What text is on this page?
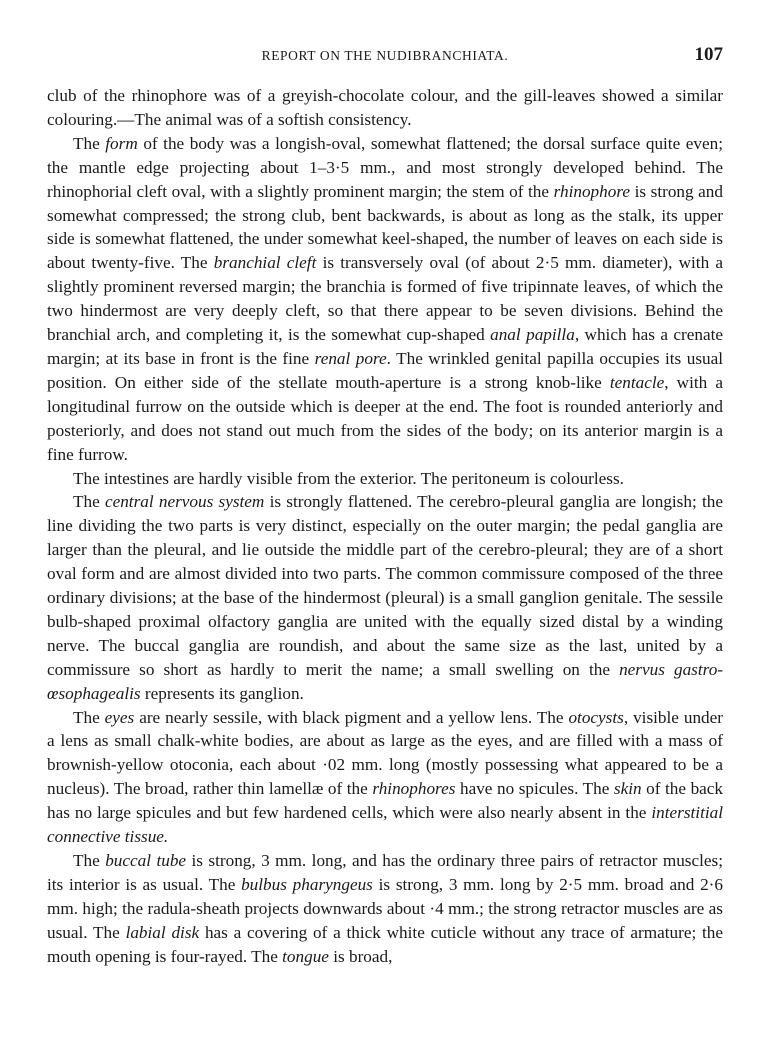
REPORT ON THE NUDIBRANCHIATA.	107

club of the rhinophore was of a greyish-chocolate colour, and the gill-leaves showed a similar colouring.—The animal was of a softish consistency.

The form of the body was a longish-oval, somewhat flattened; the dorsal surface quite even; the mantle edge projecting about 1–3·5 mm., and most strongly developed behind. The rhinophorial cleft oval, with a slightly prominent margin; the stem of the rhinophore is strong and somewhat compressed; the strong club, bent backwards, is about as long as the stalk, its upper side is somewhat flattened, the under somewhat keel-shaped, the number of leaves on each side is about twenty-five. The branchial cleft is transversely oval (of about 2·5 mm. diameter), with a slightly prominent reversed margin; the branchia is formed of five tripinnate leaves, of which the two hindermost are very deeply cleft, so that there appear to be seven divisions. Behind the branchial arch, and completing it, is the somewhat cup-shaped anal papilla, which has a crenate margin; at its base in front is the fine renal pore. The wrinkled genital papilla occupies its usual position. On either side of the stellate mouth-aperture is a strong knob-like tentacle, with a longitudinal furrow on the outside which is deeper at the end. The foot is rounded anteriorly and posteriorly, and does not stand out much from the sides of the body; on its anterior margin is a fine furrow.

The intestines are hardly visible from the exterior. The peritoneum is colourless.

The central nervous system is strongly flattened. The cerebro-pleural ganglia are longish; the line dividing the two parts is very distinct, especially on the outer margin; the pedal ganglia are larger than the pleural, and lie outside the middle part of the cerebro-pleural; they are of a short oval form and are almost divided into two parts. The common commissure composed of the three ordinary divisions; at the base of the hindermost (pleural) is a small ganglion genitale. The sessile bulb-shaped proximal olfactory ganglia are united with the equally sized distal by a winding nerve. The buccal ganglia are roundish, and about the same size as the last, united by a commissure so short as hardly to merit the name; a small swelling on the nervus gastro-œsophagealis represents its ganglion.

The eyes are nearly sessile, with black pigment and a yellow lens. The otocysts, visible under a lens as small chalk-white bodies, are about as large as the eyes, and are filled with a mass of brownish-yellow otoconia, each about ·02 mm. long (mostly possessing what appeared to be a nucleus). The broad, rather thin lamellæ of the rhinophores have no spicules. The skin of the back has no large spicules and but few hardened cells, which were also nearly absent in the interstitial connective tissue.

The buccal tube is strong, 3 mm. long, and has the ordinary three pairs of retractor muscles; its interior is as usual. The bulbus pharyngeus is strong, 3 mm. long by 2·5 mm. broad and 2·6 mm. high; the radula-sheath projects downwards about ·4 mm.; the strong retractor muscles are as usual. The labial disk has a covering of a thick white cuticle without any trace of armature; the mouth opening is four-rayed. The tongue is broad,
